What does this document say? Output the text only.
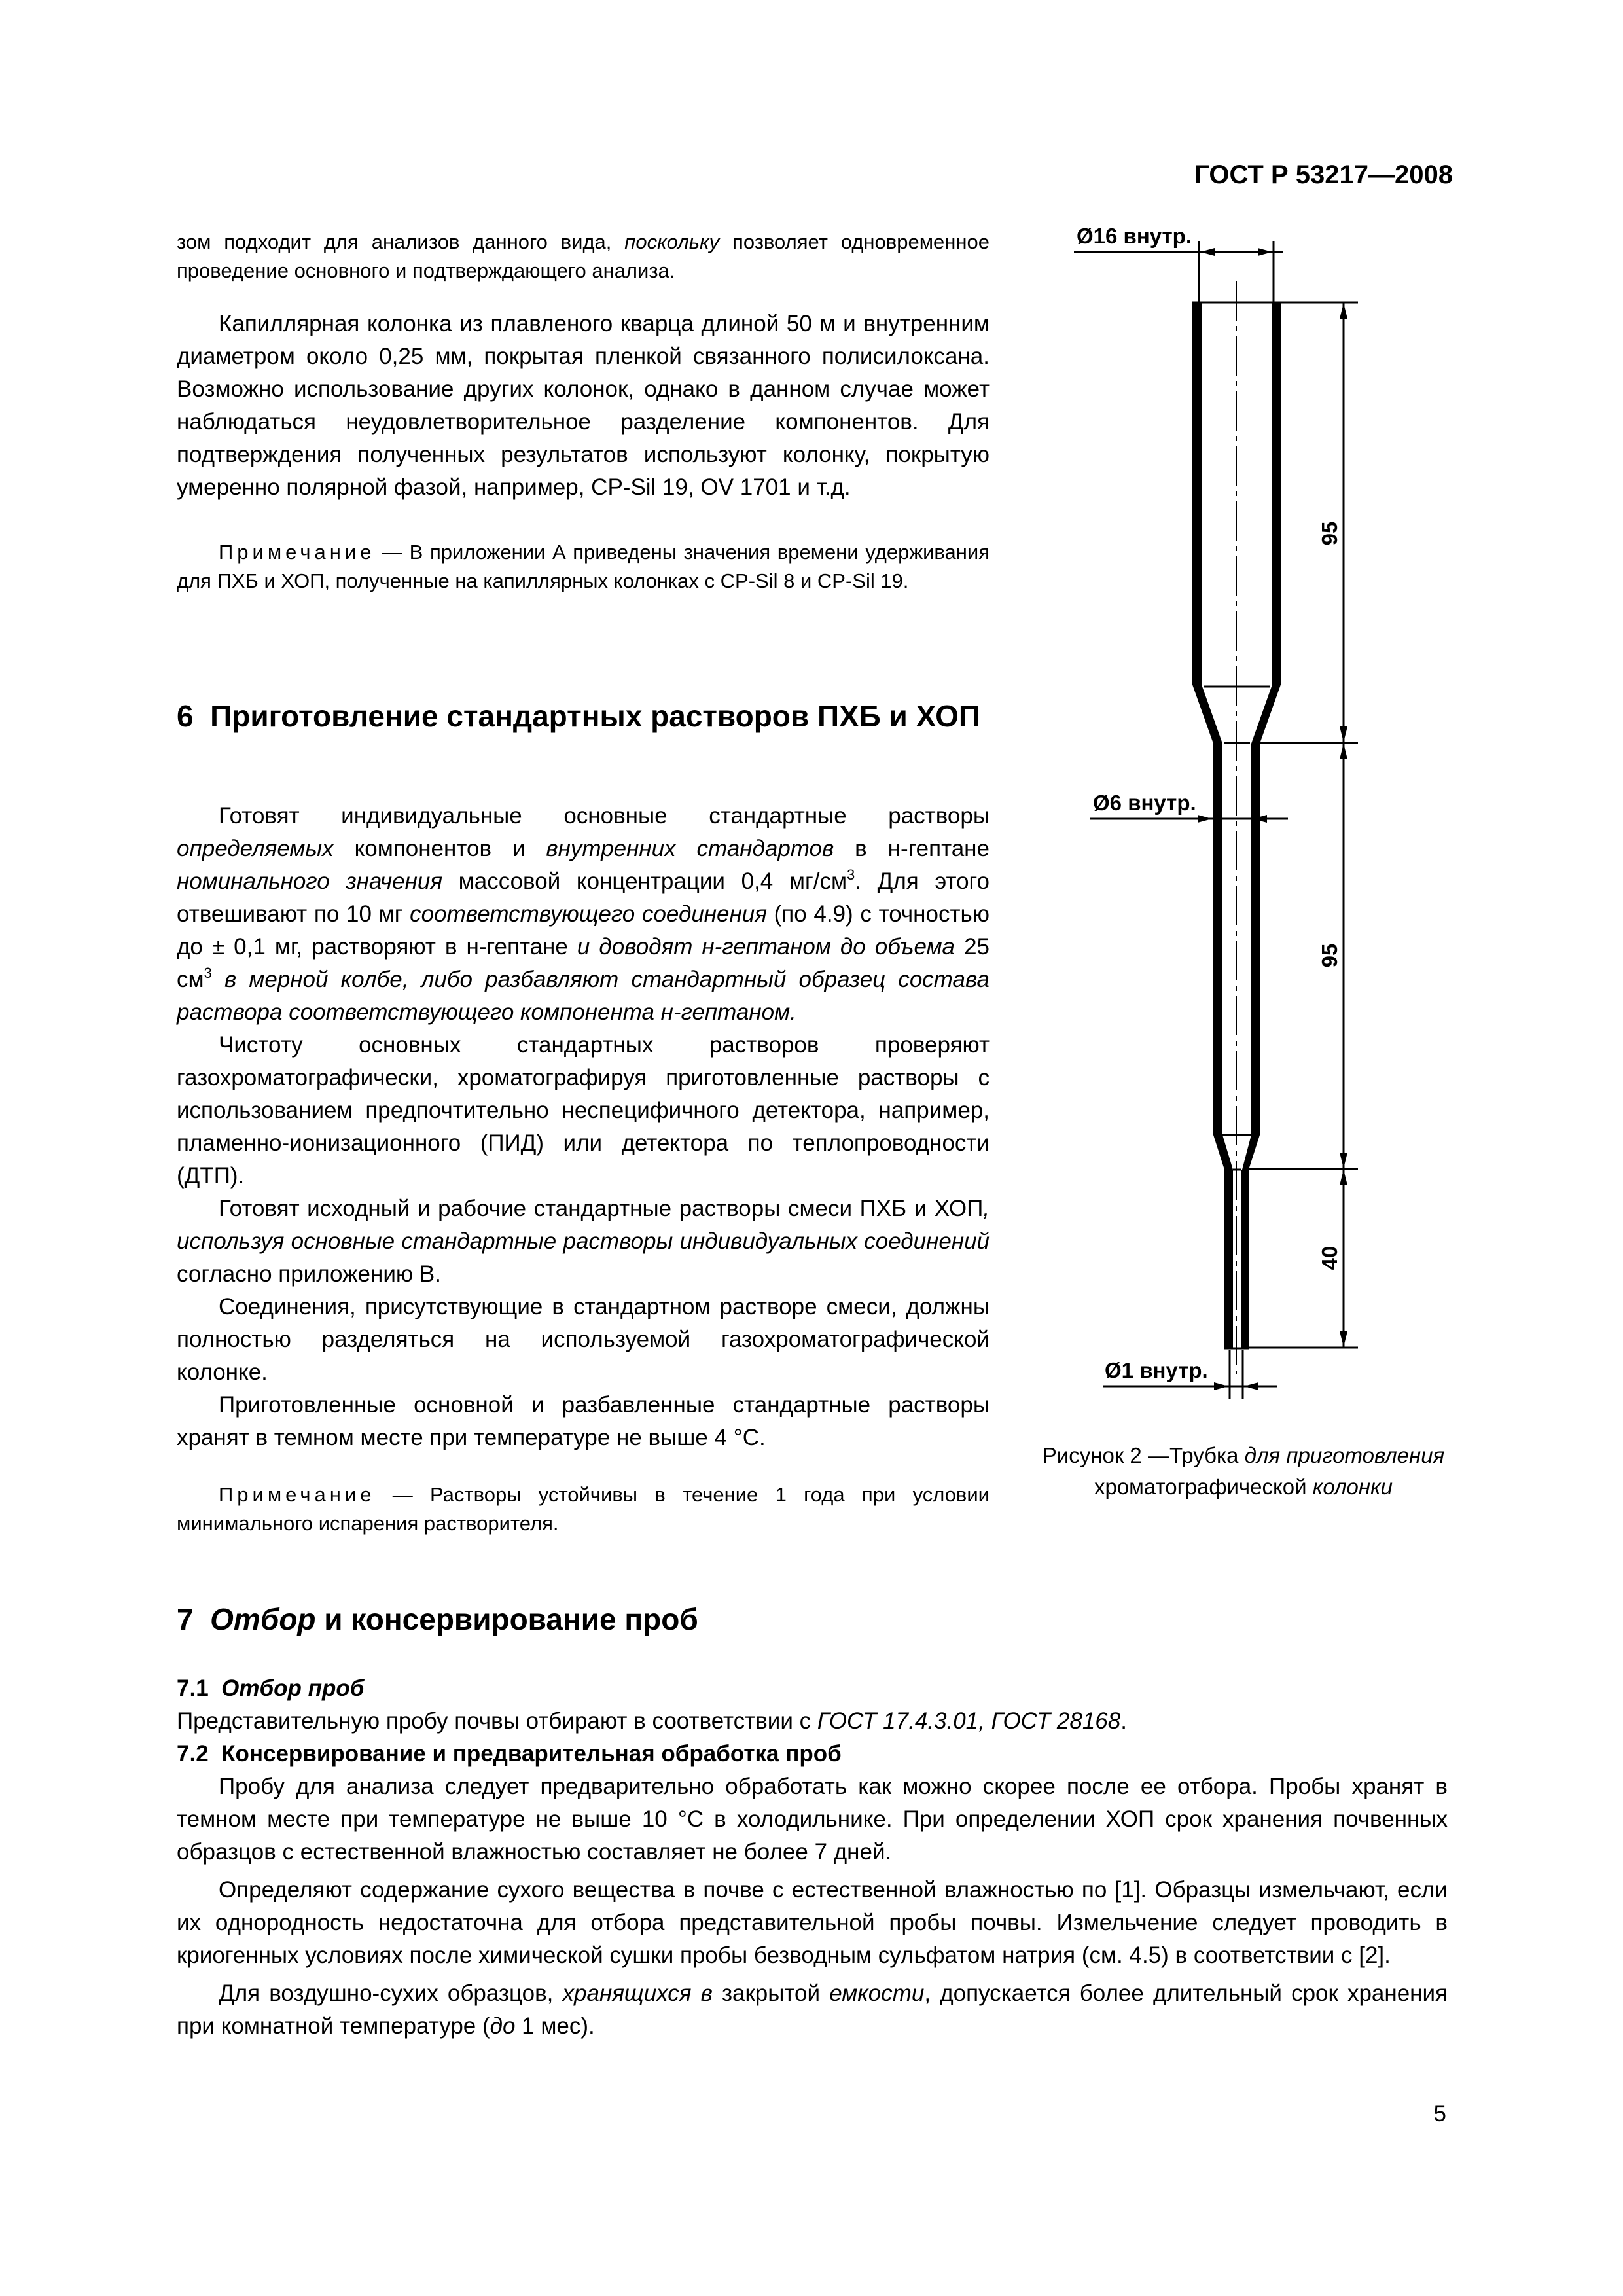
ГОСТ Р 53217—2008

зом подходит для анализов данного вида, поскольку позволяет одновременное проведение основного и подтверждающего анализа.

Капиллярная колонка из плавленого кварца длиной 50 м и внутренним диаметром около 0,25 мм, покрытая пленкой связанного полисилоксана. Возможно использование других колонок, однако в данном случае может наблюдаться неудовлетворительное разделение компонентов. Для подтверждения полученных результатов используют колонку, покрытую умеренно полярной фазой, например, CP-Sil 19, OV 1701 и т.д.

Примечание — В приложении А приведены значения времени удерживания для ПХБ и ХОП, полученные на капиллярных колонках с CP-Sil 8 и CP-Sil 19.

6 Приготовление стандартных растворов ПХБ и ХОП

Готовят индивидуальные основные стандартные растворы определяемых компонентов и внутренних стандартов в н-гептане номинального значения массовой концентрации 0,4 $мг/см^3$. Для этого отвешивают по 10 мг соответствующего соединения (по 4.9) с точностью до ± 0,1 мг, растворяют в н-гептане и доводят н-гептаном до объема 25 $см^3$ в мерной колбе, либо разбавляют стандартный образец состава раствора соответствующего компонента н-гептаном.

Чистоту основных стандартных растворов проверяют газохроматографически, хроматографируя приготовленные растворы с использованием предпочтительно неспецифичного детектора, например, пламенно-ионизационного (ПИД) или детектора по теплопроводности (ДТП).

Готовят исходный и рабочие стандартные растворы смеси ПХБ и ХОП, используя основные стандартные растворы индивидуальных соединений согласно приложению В.

Соединения, присутствующие в стандартном растворе смеси, должны полностью разделяться на используемой газохроматографической колонке.

Приготовленные основной и разбавленные стандартные растворы хранят в темном месте при температуре не выше 4 °С.

Примечание — Растворы устойчивы в течение 1 года при условии минимального испарения растворителя.

Ø16 внутр.
Ø6 внутр.
Ø1 внутр.
95
95
40
Рисунок 2 —Трубка для приготовления хроматографической колонки
7 Отбор и консервирование проб
7.1 Отбор проб

Представительную пробу почвы отбирают в соответствии с ГОСТ 17.4.3.01, ГОСТ 28168.

7.2 Консервирование и предварительная обработка проб

Пробу для анализа следует предварительно обработать как можно скорее после ее отбора. Пробы хранят в темном месте при температуре не выше 10 °С в холодильнике. При определении ХОП срок хранения почвенных образцов с естественной влажностью составляет не более 7 дней.

Определяют содержание сухого вещества в почве с естественной влажностью по [1]. Образцы измельчают, если их однородность недостаточна для отбора представительной пробы почвы. Измельчение следует проводить в криогенных условиях после химической сушки пробы безводным сульфатом натрия (см. 4.5) в соответствии с [2].

Для воздушно-сухих образцов, хранящихся в закрытой емкости, допускается более длительный срок хранения при комнатной температуре (до 1 мес).

5
